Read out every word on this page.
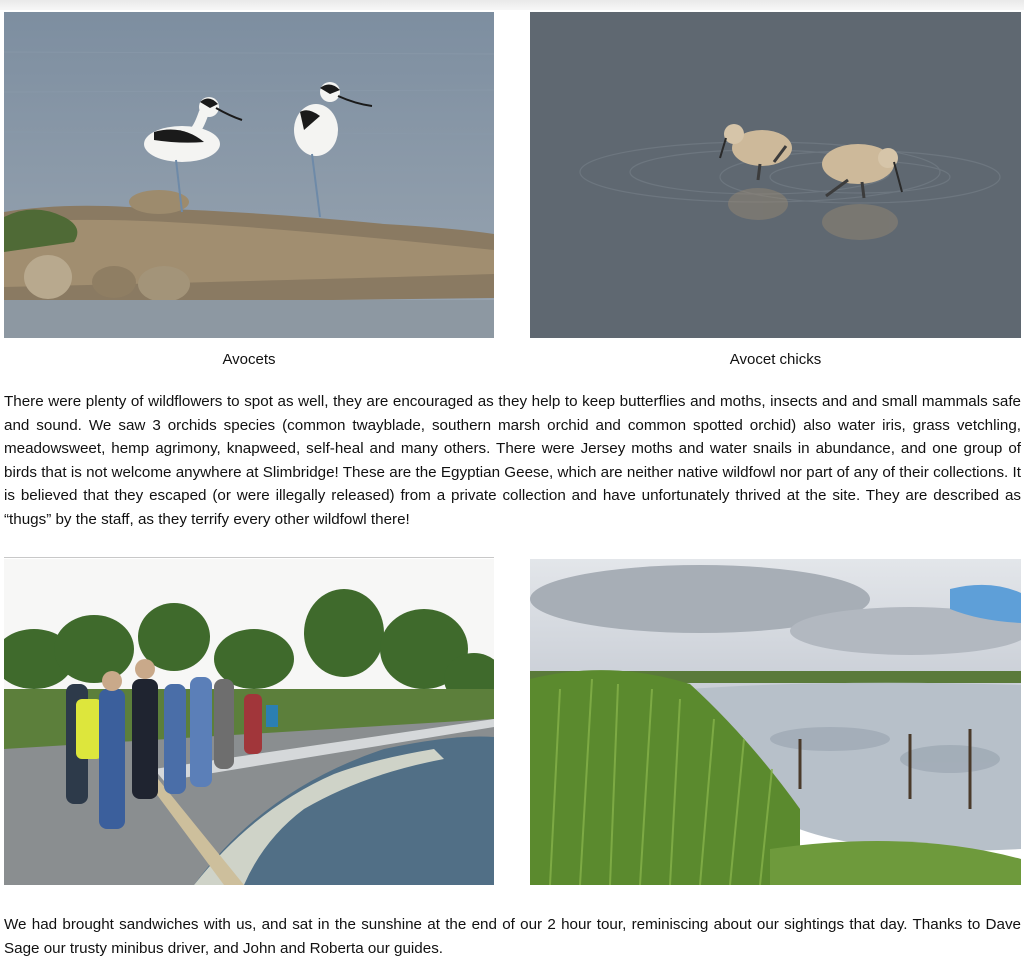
Avocets	Avocet chicks

There were plenty of wildflowers to spot as well, they are encouraged as they help to keep butterflies and moths, insects and and small mammals safe and sound. We saw 3 orchids species (common twayblade, southern marsh orchid and common spotted orchid) also water iris, grass vetchling, meadowsweet, hemp agrimony, knapweed, self-heal and many others. There were Jersey moths and water snails in abundance, and one group of birds that is not welcome anywhere at Slimbridge! These are the Egyptian Geese, which are neither native wildfowl nor part of any of their collections. It is believed that they escaped (or were illegally released) from a private collection and have unfortunately thrived at the site. They are described as “thugs” by the staff, as they terrify every other wildfowl there!

We had brought sandwiches with us, and sat in the sunshine at the end of our 2 hour tour, reminiscing about our sightings that day. Thanks to Dave Sage our trusty minibus driver, and John and Roberta our guides.
